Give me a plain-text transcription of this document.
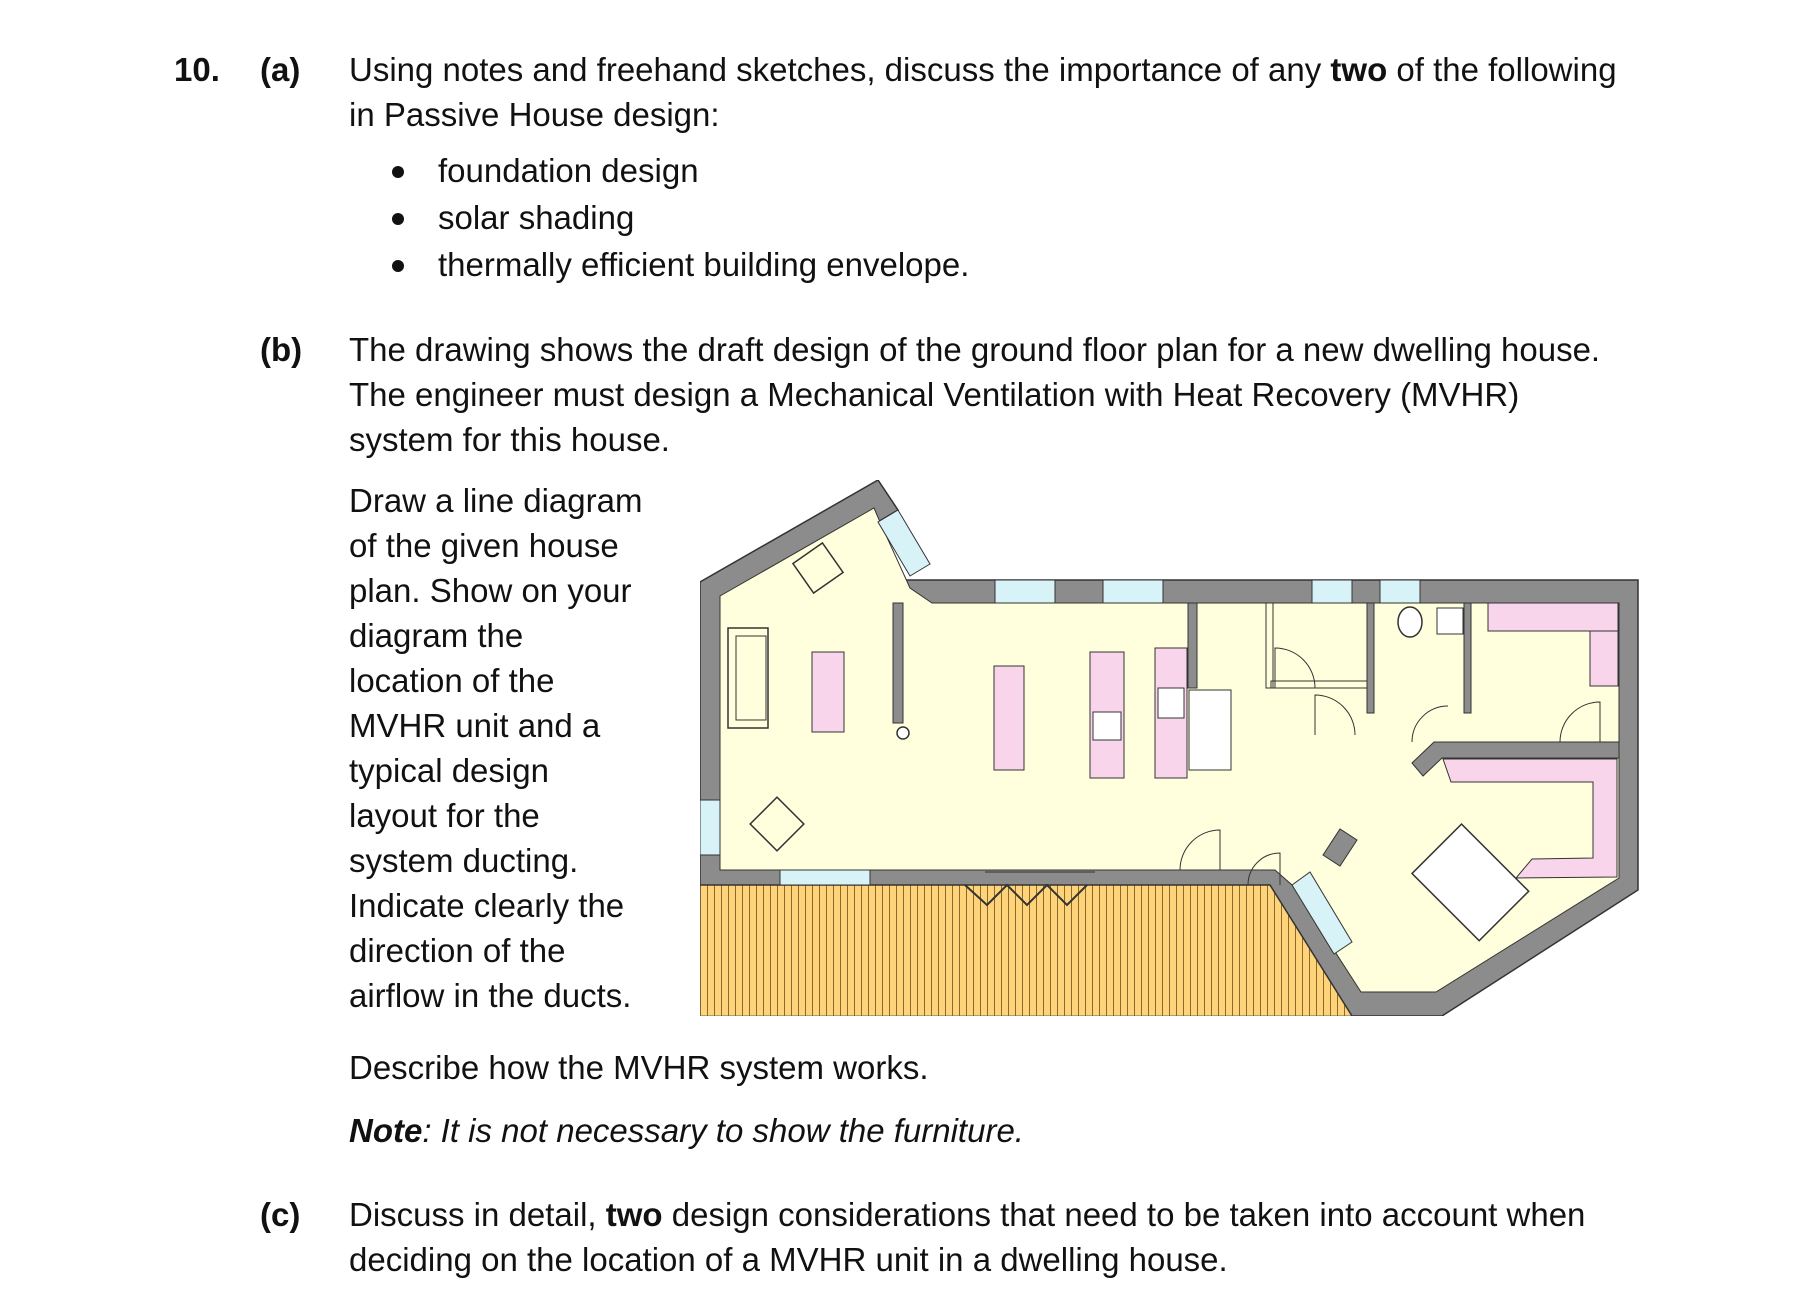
10. (a) Using notes and freehand sketches, discuss the importance of any two of the following
in Passive House design:
foundation design
solar shading
thermally efficient building envelope.
(b) The drawing shows the draft design of the ground floor plan for a new dwelling house.
The engineer must design a Mechanical Ventilation with Heat Recovery (MVHR)
system for this house.
Draw a line diagram
of the given house
plan. Show on your
diagram the
location of the
MVHR unit and a
typical design
layout for the
system ducting.
Indicate clearly the
direction of the
airflow in the ducts.
Describe how the MVHR system works.
Note: It is not necessary to show the furniture.
(c) Discuss in detail, two design considerations that need to be taken into account when
deciding on the location of a MVHR unit in a dwelling house.
